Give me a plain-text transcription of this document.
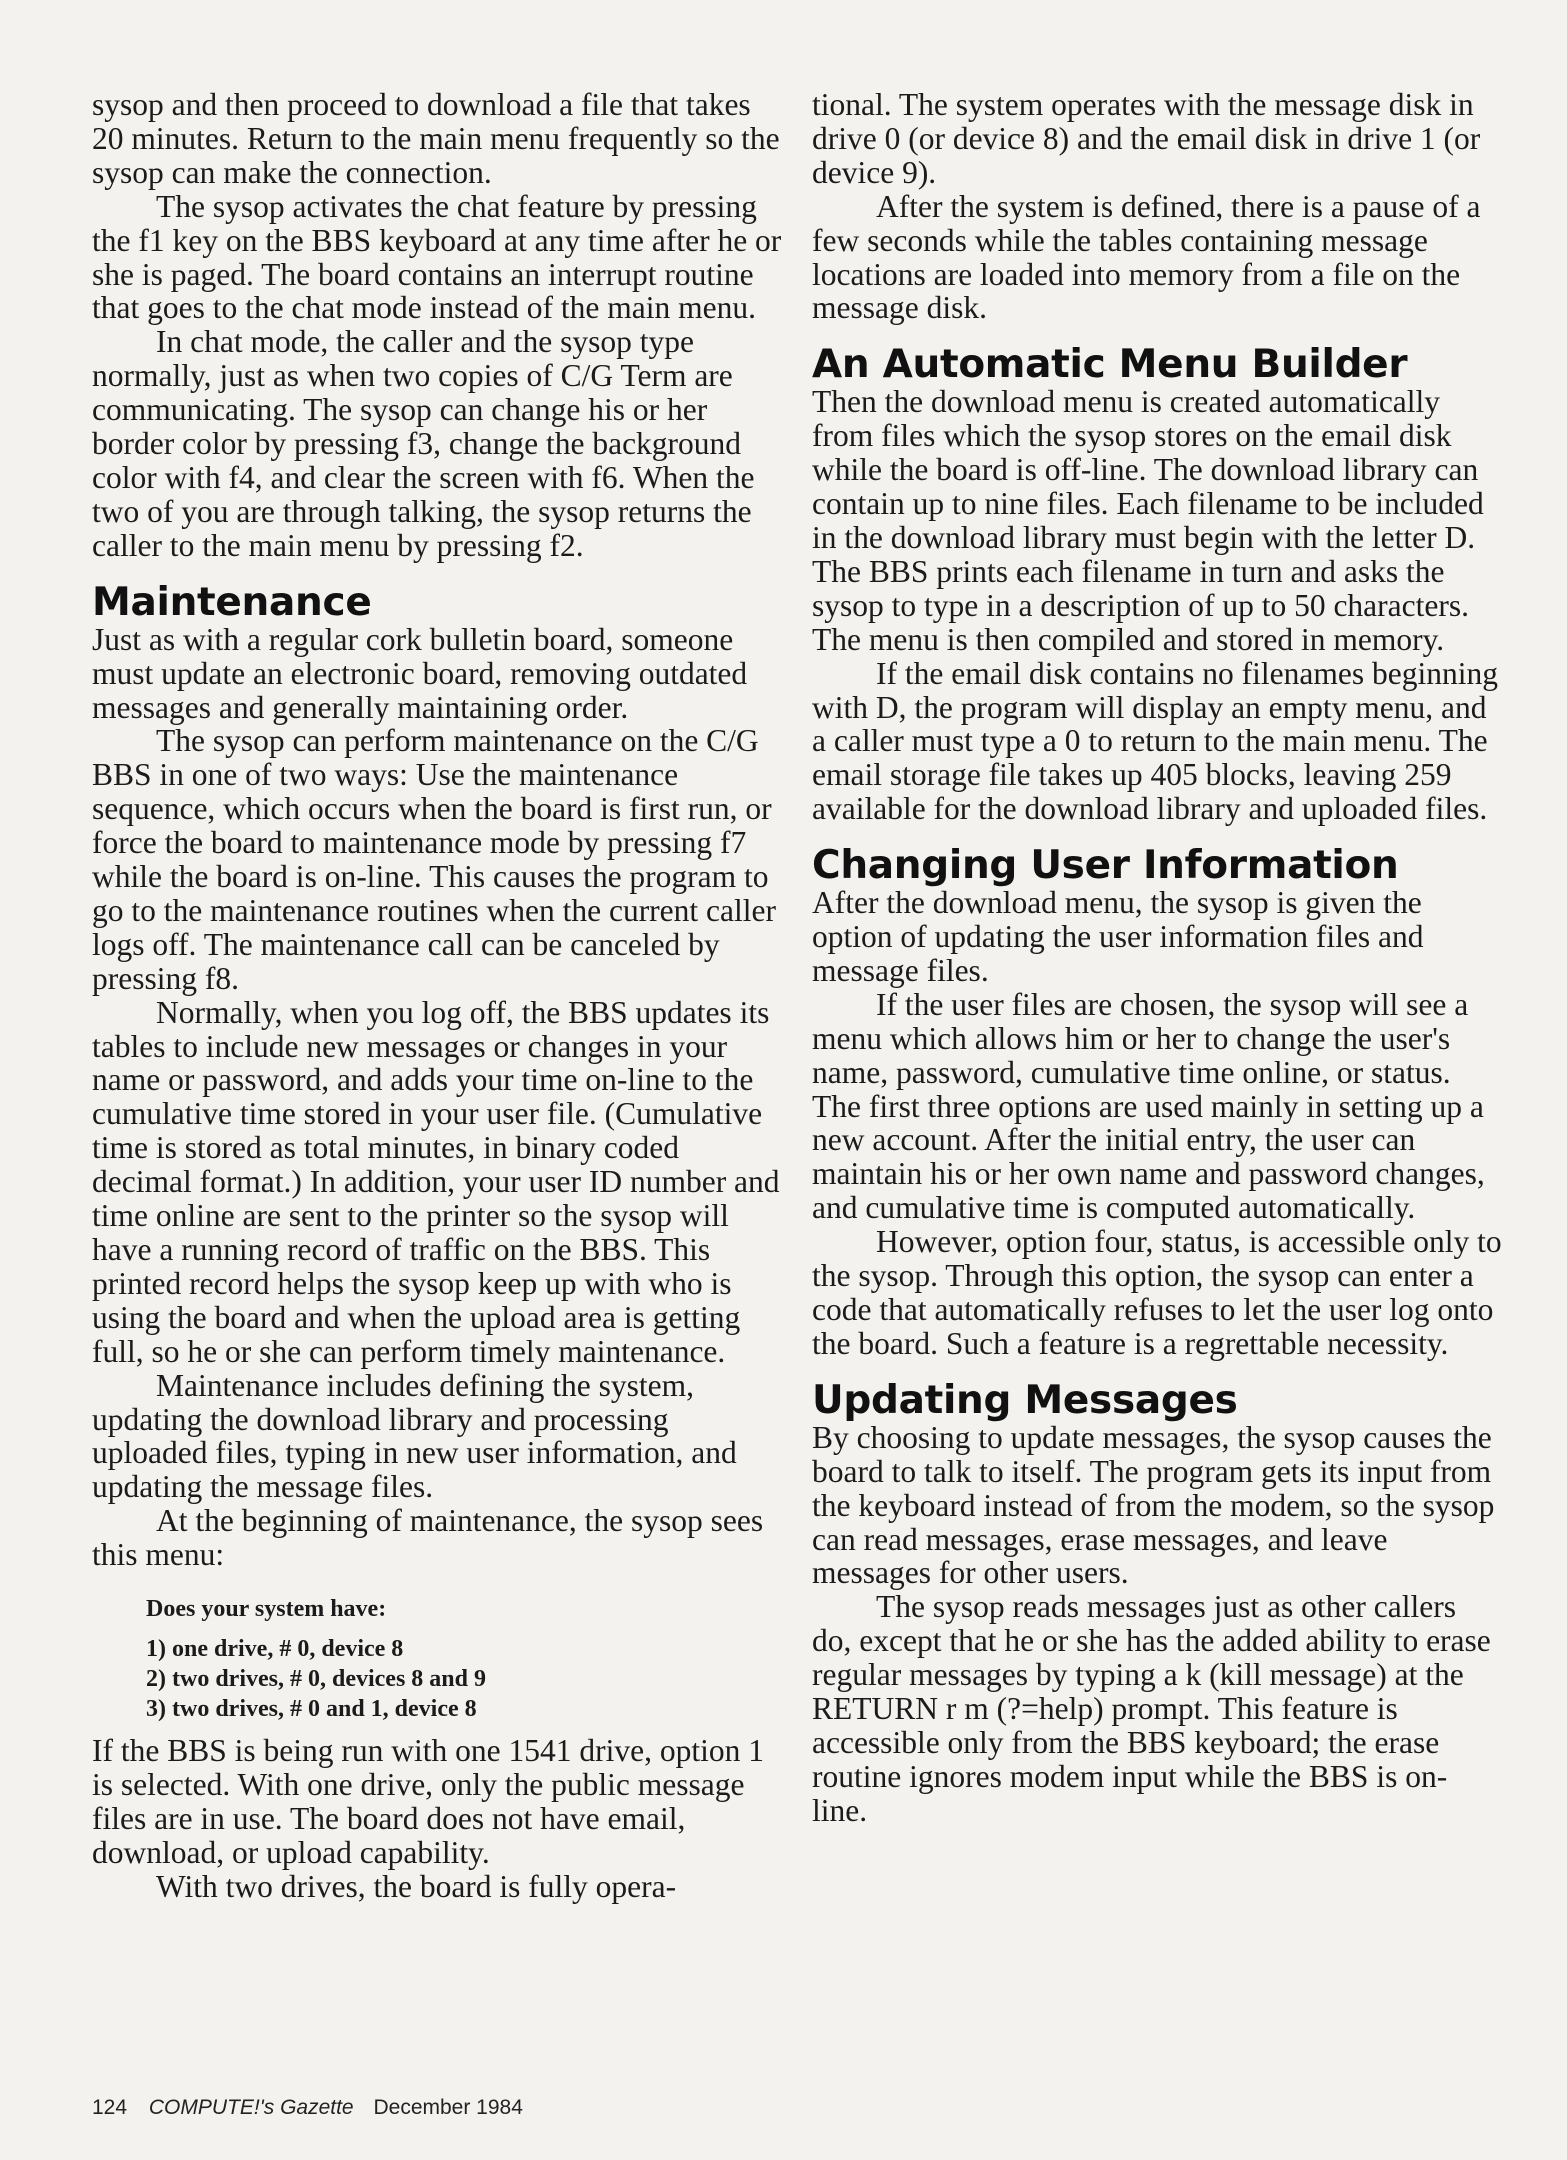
sysop and then proceed to download a file that takes 20 minutes. Return to the main menu frequently so the sysop can make the connection.

The sysop activates the chat feature by pressing the f1 key on the BBS keyboard at any time after he or she is paged. The board contains an interrupt routine that goes to the chat mode instead of the main menu.

In chat mode, the caller and the sysop type normally, just as when two copies of C/G Term are communicating. The sysop can change his or her border color by pressing f3, change the background color with f4, and clear the screen with f6. When the two of you are through talking, the sysop returns the caller to the main menu by pressing f2.

Maintenance

Just as with a regular cork bulletin board, someone must update an electronic board, removing outdated messages and generally maintaining order.

The sysop can perform maintenance on the C/G BBS in one of two ways: Use the maintenance sequence, which occurs when the board is first run, or force the board to maintenance mode by pressing f7 while the board is on-line. This causes the program to go to the maintenance routines when the current caller logs off. The maintenance call can be canceled by pressing f8.

Normally, when you log off, the BBS updates its tables to include new messages or changes in your name or password, and adds your time on-line to the cumulative time stored in your user file. (Cumulative time is stored as total minutes, in binary coded decimal format.) In addition, your user ID number and time online are sent to the printer so the sysop will have a running record of traffic on the BBS. This printed record helps the sysop keep up with who is using the board and when the upload area is getting full, so he or she can perform timely maintenance.

Maintenance includes defining the system, updating the download library and processing uploaded files, typing in new user information, and updating the message files.

At the beginning of maintenance, the sysop sees this menu:

Does your system have:
1) one drive, # 0, device 8
2) two drives, # 0, devices 8 and 9
3) two drives, # 0 and 1, device 8

If the BBS is being run with one 1541 drive, option 1 is selected. With one drive, only the public message files are in use. The board does not have email, download, or upload capability.

With two drives, the board is fully opera-

tional. The system operates with the message disk in drive 0 (or device 8) and the email disk in drive 1 (or device 9).

After the system is defined, there is a pause of a few seconds while the tables containing message locations are loaded into memory from a file on the message disk.

An Automatic Menu Builder

Then the download menu is created automatically from files which the sysop stores on the email disk while the board is off-line. The download library can contain up to nine files. Each filename to be included in the download library must begin with the letter D. The BBS prints each filename in turn and asks the sysop to type in a description of up to 50 characters. The menu is then compiled and stored in memory.

If the email disk contains no filenames beginning with D, the program will display an empty menu, and a caller must type a 0 to return to the main menu. The email storage file takes up 405 blocks, leaving 259 available for the download library and uploaded files.

Changing User Information

After the download menu, the sysop is given the option of updating the user information files and message files.

If the user files are chosen, the sysop will see a menu which allows him or her to change the user's name, password, cumulative time online, or status. The first three options are used mainly in setting up a new account. After the initial entry, the user can maintain his or her own name and password changes, and cumulative time is computed automatically.

However, option four, status, is accessible only to the sysop. Through this option, the sysop can enter a code that automatically refuses to let the user log onto the board. Such a feature is a regrettable necessity.

Updating Messages

By choosing to update messages, the sysop causes the board to talk to itself. The program gets its input from the keyboard instead of from the modem, so the sysop can read messages, erase messages, and leave messages for other users.

The sysop reads messages just as other callers do, except that he or she has the added ability to erase regular messages by typing a k (kill message) at the RETURN r m (?=help) prompt. This feature is accessible only from the BBS keyboard; the erase routine ignores modem input while the BBS is on-line.

124 COMPUTE!'s Gazette December 1984
